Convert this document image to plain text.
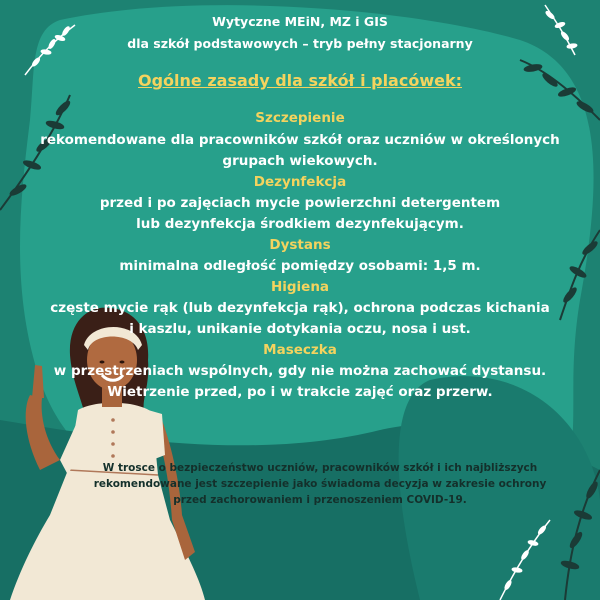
Wytyczne MEiN, MZ i GIS
dla szkół podstawowych – tryb pełny stacjonarny
Ogólne zasady dla szkół i placówek:
Szczepienie
rekomendowane dla pracowników szkół oraz uczniów w określonych
grupach wiekowych.
Dezynfekcja
przed i po zajęciach mycie powierzchni detergentem
lub dezynfekcja środkiem dezynfekującym.
Dystans
minimalna odległość pomiędzy osobami: 1,5 m.
Higiena
częste mycie rąk (lub dezynfekcja rąk), ochrona podczas kichania
i kaszlu, unikanie dotykania oczu, nosa i ust.
Maseczka
w przestrzeniach wspólnych, gdy nie można zachować dystansu.
Wietrzenie przed, po i w trakcie zajęć oraz przerw.
W trosce o bezpieczeństwo uczniów, pracowników szkół i ich najbliższych
rekomendowane jest szczepienie jako świadoma decyzja w zakresie ochrony
przed zachorowaniem i przenoszeniem COVID-19.
